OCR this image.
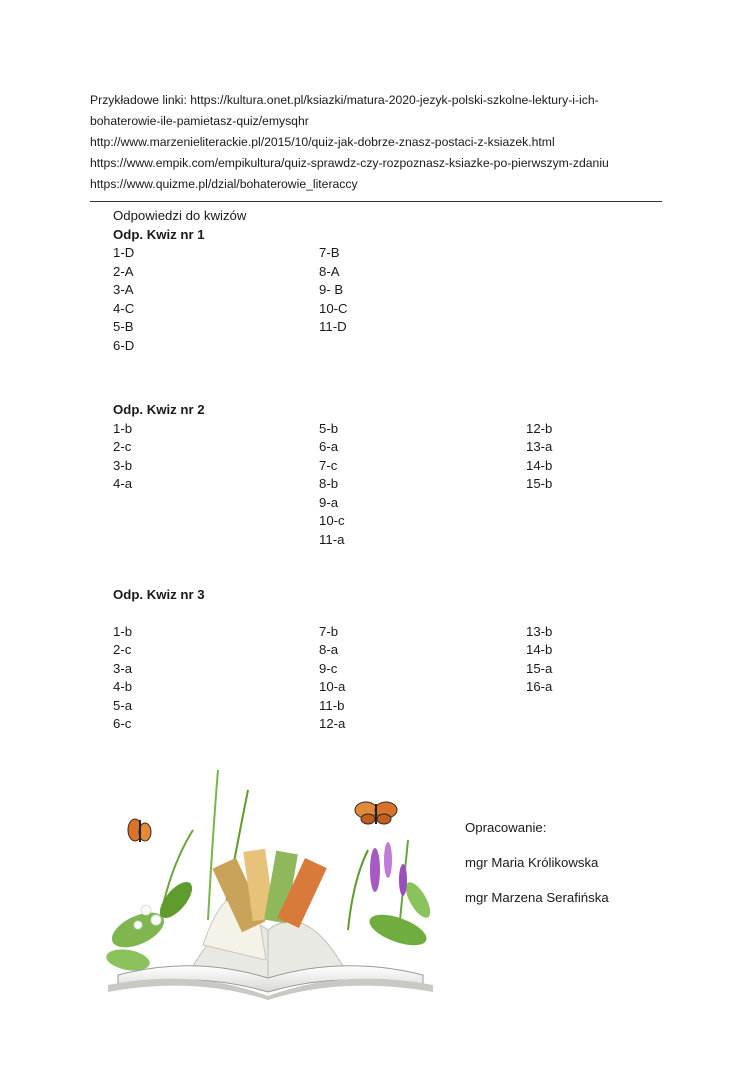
Przykładowe linki: https://kultura.onet.pl/ksiazki/matura-2020-jezyk-polski-szkolne-lektury-i-ich-
bohaterowie-ile-pamietasz-quiz/emysqhr
http://www.marzenieliterackie.pl/2015/10/quiz-jak-dobrze-znasz-postaci-z-ksiazek.html
https://www.empik.com/empikultura/quiz-sprawdz-czy-rozpoznasz-ksiazke-po-pierwszym-zdaniu
https://www.quizme.pl/dzial/bohaterowie_literaccy
Odpowiedzi do kwizów
Odp. Kwiz nr 1
1-D
2-A
3-A
4-C
5-B
6-D
7-B
8-A
9- B
10-C
11-D
Odp. Kwiz nr 2
1-b
2-c
3-b
4-a
5-b
6-a
7-c
8-b
9-a
10-c
11-a
12-b
13-a
14-b
15-b
Odp. Kwiz nr 3
1-b
2-c
3-a
4-b
5-a
6-c
7-b
8-a
9-c
10-a
11-b
12-a
13-b
14-b
15-a
16-a
Opracowanie:
mgr Maria Królikowska
mgr Marzena Serafińska
